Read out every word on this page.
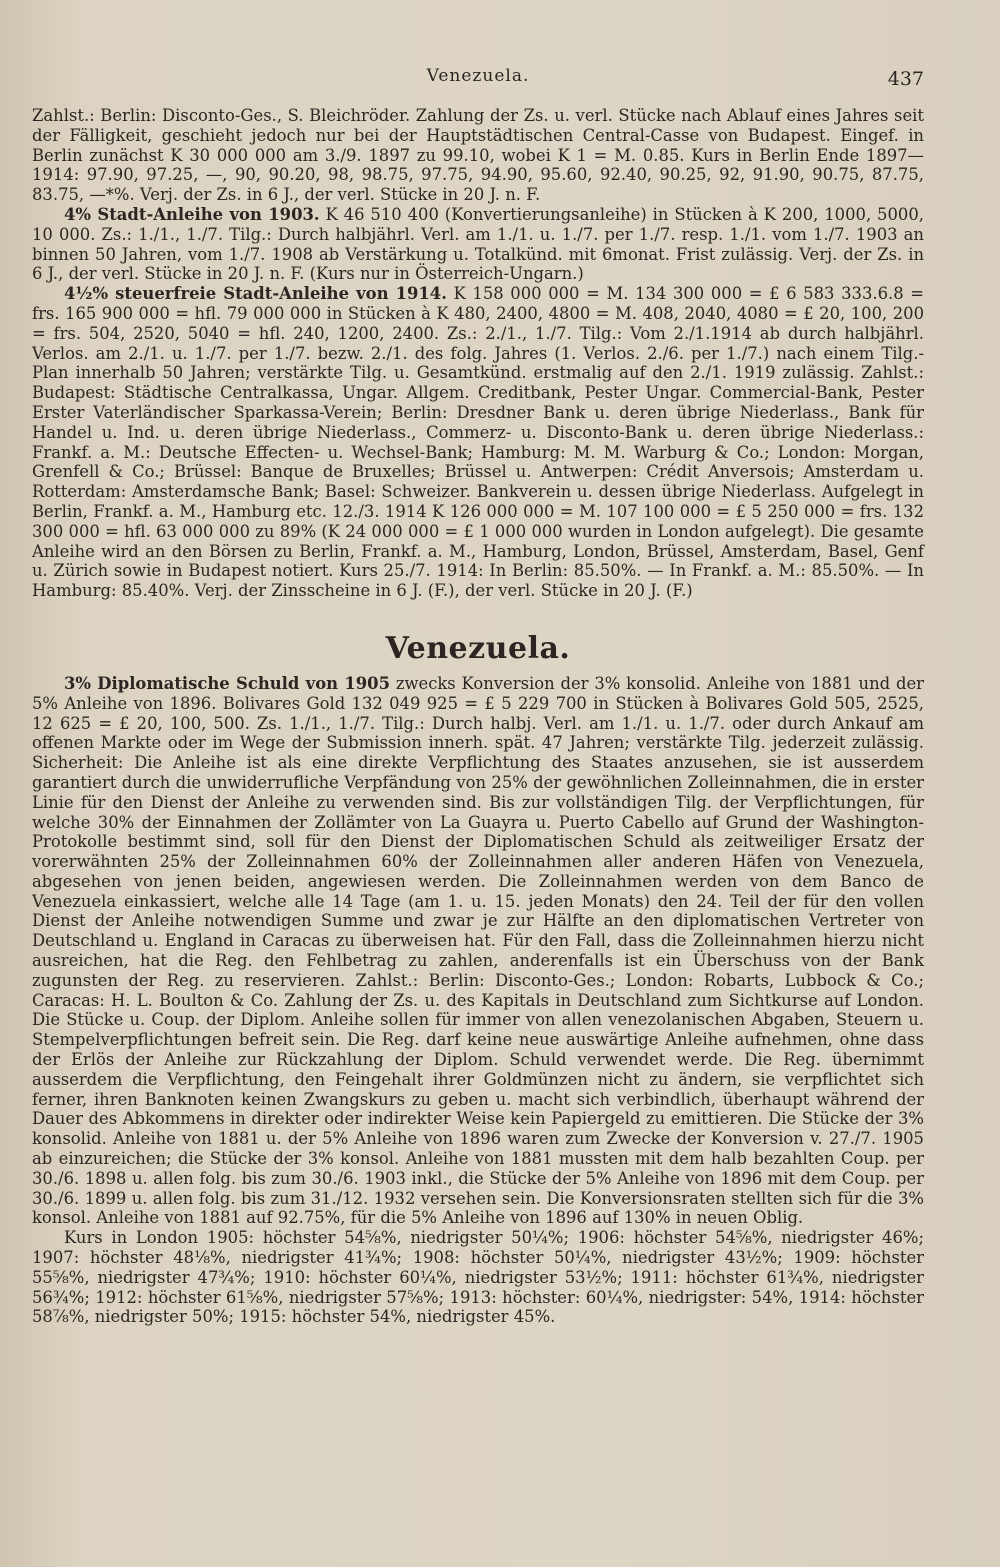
Venezuela.	437

Zahlst.: Berlin: Disconto-Ges., S. Bleichröder. Zahlung der Zs. u. verl. Stücke nach Ablauf eines Jahres seit der Fälligkeit, geschieht jedoch nur bei der Hauptstädtischen Central-Casse von Budapest. Eingef. in Berlin zunächst K 30 000 000 am 3./9. 1897 zu 99.10, wobei K 1 = M. 0.85. Kurs in Berlin Ende 1897—1914: 97.90, 97.25, —, 90, 90.20, 98, 98.75, 97.75, 94.90, 95.60, 92.40, 90.25, 92, 91.90, 90.75, 87.75, 83.75, —*%. Verj. der Zs. in 6 J., der verl. Stücke in 20 J. n. F.

4% Stadt-Anleihe von 1903. K 46 510 400 (Konvertierungsanleihe) in Stücken à K 200, 1000, 5000, 10 000. Zs.: 1./1., 1./7. Tilg.: Durch halbjährl. Verl. am 1./1. u. 1./7. per 1./7. resp. 1./1. vom 1./7. 1903 an binnen 50 Jahren, vom 1./7. 1908 ab Verstärkung u. Totalkünd. mit 6monat. Frist zulässig. Verj. der Zs. in 6 J., der verl. Stücke in 20 J. n. F. (Kurs nur in Österreich-Ungarn.)

4½% steuerfreie Stadt-Anleihe von 1914. K 158 000 000 = M. 134 300 000 = £ 6 583 333.6.8 = frs. 165 900 000 = hfl. 79 000 000 in Stücken à K 480, 2400, 4800 = M. 408, 2040, 4080 = £ 20, 100, 200 = frs. 504, 2520, 5040 = hfl. 240, 1200, 2400. Zs.: 2./1., 1./7. Tilg.: Vom 2./1.1914 ab durch halbjährl. Verlos. am 2./1. u. 1./7. per 1./7. bezw. 2./1. des folg. Jahres (1. Verlos. 2./6. per 1./7.) nach einem Tilg.-Plan innerhalb 50 Jahren; verstärkte Tilg. u. Gesamtkünd. erstmalig auf den 2./1. 1919 zulässig. Zahlst.: Budapest: Städtische Centralkassa, Ungar. Allgem. Creditbank, Pester Ungar. Commercial-Bank, Pester Erster Vaterländischer Sparkassa-Verein; Berlin: Dresdner Bank u. deren übrige Niederlass., Bank für Handel u. Ind. u. deren übrige Niederlass., Commerz- u. Disconto-Bank u. deren übrige Niederlass.: Frankf. a. M.: Deutsche Effecten- u. Wechsel-Bank; Hamburg: M. M. Warburg & Co.; London: Morgan, Grenfell & Co.; Brüssel: Banque de Bruxelles; Brüssel u. Antwerpen: Crédit Anversois; Amsterdam u. Rotterdam: Amsterdamsche Bank; Basel: Schweizer. Bankverein u. dessen übrige Niederlass. Aufgelegt in Berlin, Frankf. a. M., Hamburg etc. 12./3. 1914 K 126 000 000 = M. 107 100 000 = £ 5 250 000 = frs. 132 300 000 = hfl. 63 000 000 zu 89% (K 24 000 000 = £ 1 000 000 wurden in London aufgelegt). Die gesamte Anleihe wird an den Börsen zu Berlin, Frankf. a. M., Hamburg, London, Brüssel, Amsterdam, Basel, Genf u. Zürich sowie in Budapest notiert. Kurs 25./7. 1914: In Berlin: 85.50%. — In Frankf. a. M.: 85.50%. — In Hamburg: 85.40%. Verj. der Zinsscheine in 6 J. (F.), der verl. Stücke in 20 J. (F.)

Venezuela.

3% Diplomatische Schuld von 1905 zwecks Konversion der 3% konsolid. Anleihe von 1881 und der 5% Anleihe von 1896. Bolivares Gold 132 049 925 = £ 5 229 700 in Stücken à Bolivares Gold 505, 2525, 12 625 = £ 20, 100, 500. Zs. 1./1., 1./7. Tilg.: Durch halbj. Verl. am 1./1. u. 1./7. oder durch Ankauf am offenen Markte oder im Wege der Submission innerh. spät. 47 Jahren; verstärkte Tilg. jederzeit zulässig. Sicherheit: Die Anleihe ist als eine direkte Verpflichtung des Staates anzusehen, sie ist ausserdem garantiert durch die unwiderrufliche Verpfändung von 25% der gewöhnlichen Zolleinnahmen, die in erster Linie für den Dienst der Anleihe zu verwenden sind. Bis zur vollständigen Tilg. der Verpflichtungen, für welche 30% der Einnahmen der Zollämter von La Guayra u. Puerto Cabello auf Grund der Washington-Protokolle bestimmt sind, soll für den Dienst der Diplomatischen Schuld als zeitweiliger Ersatz der vorerwähnten 25% der Zolleinnahmen 60% der Zolleinnahmen aller anderen Häfen von Venezuela, abgesehen von jenen beiden, angewiesen werden. Die Zolleinnahmen werden von dem Banco de Venezuela einkassiert, welche alle 14 Tage (am 1. u. 15. jeden Monats) den 24. Teil der für den vollen Dienst der Anleihe notwendigen Summe und zwar je zur Hälfte an den diplomatischen Vertreter von Deutschland u. England in Caracas zu überweisen hat. Für den Fall, dass die Zolleinnahmen hierzu nicht ausreichen, hat die Reg. den Fehlbetrag zu zahlen, anderenfalls ist ein Überschuss von der Bank zugunsten der Reg. zu reservieren. Zahlst.: Berlin: Disconto-Ges.; London: Robarts, Lubbock & Co.; Caracas: H. L. Boulton & Co. Zahlung der Zs. u. des Kapitals in Deutschland zum Sichtkurse auf London. Die Stücke u. Coup. der Diplom. Anleihe sollen für immer von allen venezolanischen Abgaben, Steuern u. Stempelverpflichtungen befreit sein. Die Reg. darf keine neue auswärtige Anleihe aufnehmen, ohne dass der Erlös der Anleihe zur Rückzahlung der Diplom. Schuld verwendet werde. Die Reg. übernimmt ausserdem die Verpflichtung, den Feingehalt ihrer Goldmünzen nicht zu ändern, sie verpflichtet sich ferner, ihren Banknoten keinen Zwangskurs zu geben u. macht sich verbindlich, überhaupt während der Dauer des Abkommens in direkter oder indirekter Weise kein Papiergeld zu emittieren. Die Stücke der 3% konsolid. Anleihe von 1881 u. der 5% Anleihe von 1896 waren zum Zwecke der Konversion v. 27./7. 1905 ab einzureichen; die Stücke der 3% konsol. Anleihe von 1881 mussten mit dem halb bezahlten Coup. per 30./6. 1898 u. allen folg. bis zum 30./6. 1903 inkl., die Stücke der 5% Anleihe von 1896 mit dem Coup. per 30./6. 1899 u. allen folg. bis zum 31./12. 1932 versehen sein. Die Konversionsraten stellten sich für die 3% konsol. Anleihe von 1881 auf 92.75%, für die 5% Anleihe von 1896 auf 130% in neuen Oblig.

Kurs in London 1905: höchster 54⅝%, niedrigster 50¼%; 1906: höchster 54⅝%, niedrigster 46%; 1907: höchster 48⅛%, niedrigster 41¾%; 1908: höchster 50¼%, niedrigster 43½%; 1909: höchster 55⅝%, niedrigster 47¾%; 1910: höchster 60¼%, niedrigster 53½%; 1911: höchster 61¾%, niedrigster 56¾%; 1912: höchster 61⅝%, niedrigster 57⅝%; 1913: höchster: 60¼%, niedrigster: 54%, 1914: höchster 58⅞%, niedrigster 50%; 1915: höchster 54%, niedrigster 45%.
